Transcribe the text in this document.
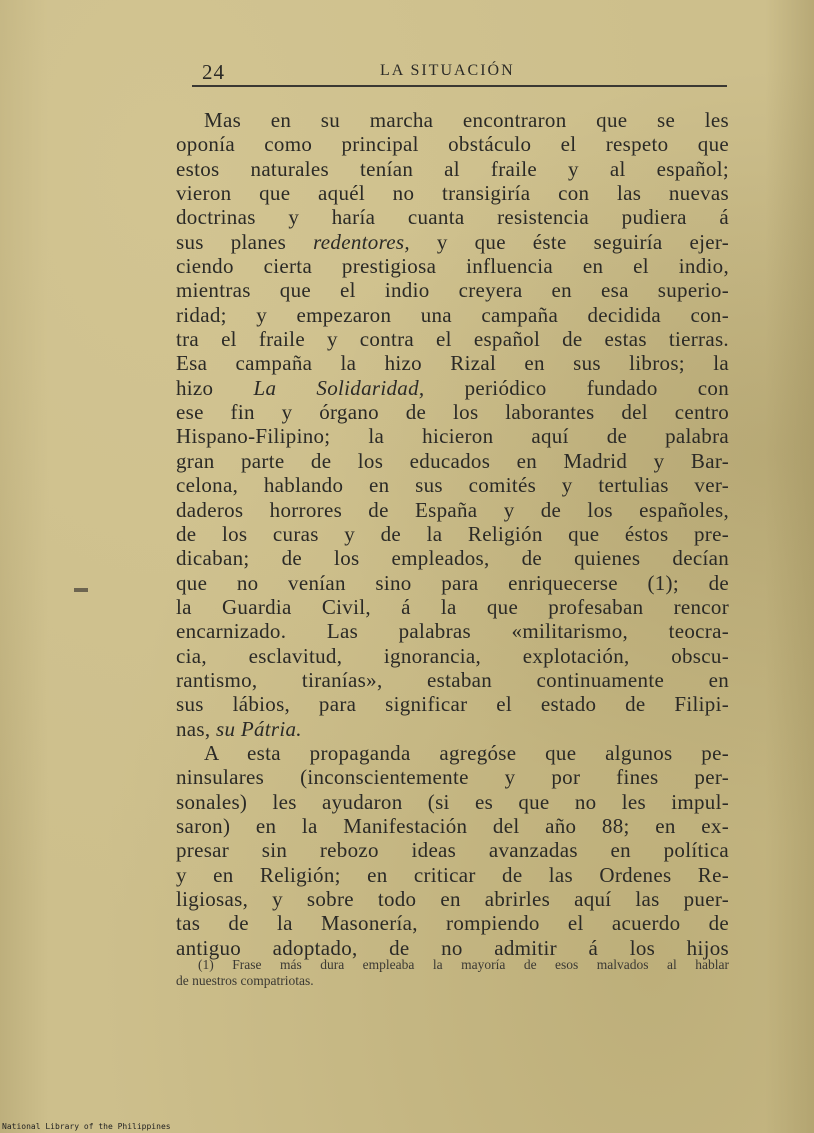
24	LA SITUACIÓN
Mas en su marcha encontraron que se les
oponía como principal obstáculo el respeto que
estos naturales tenían al fraile y al español;
vieron que aquél no transigiría con las nuevas
doctrinas y haría cuanta resistencia pudiera á
sus planes redentores, y que éste seguiría ejer-
ciendo cierta prestigiosa influencia en el indio,
mientras que el indio creyera en esa superio-
ridad; y empezaron una campaña decidida con-
tra el fraile y contra el español de estas tierras.
Esa campaña la hizo Rizal en sus libros; la
hizo La Solidaridad, periódico fundado con
ese fin y órgano de los laborantes del centro
Hispano-Filipino; la hicieron aquí de palabra
gran parte de los educados en Madrid y Bar-
celona, hablando en sus comités y tertulias ver-
daderos horrores de España y de los españoles,
de los curas y de la Religión que éstos pre-
dicaban; de los empleados, de quienes decían
que no venían sino para enriquecerse (1); de
la Guardia Civil, á la que profesaban rencor
encarnizado. Las palabras «militarismo, teocra-
cia, esclavitud, ignorancia, explotación, obscu-
rantismo, tiranías», estaban continuamente en
sus lábios, para significar el estado de Filipi-
nas, su Pátria.
A esta propaganda agregóse que algunos pe-
ninsulares (inconscientemente y por fines per-
sonales) les ayudaron (si es que no les impul-
saron) en la Manifestación del año 88; en ex-
presar sin rebozo ideas avanzadas en política
y en Religión; en criticar de las Ordenes Re-
ligiosas, y sobre todo en abrirles aquí las puer-
tas de la Masonería, rompiendo el acuerdo de
antiguo adoptado, de no admitir á los hijos
(1) Frase más dura empleaba la mayoría de esos malvados al hablar
de nuestros compatriotas.
National Library of the Philippines
